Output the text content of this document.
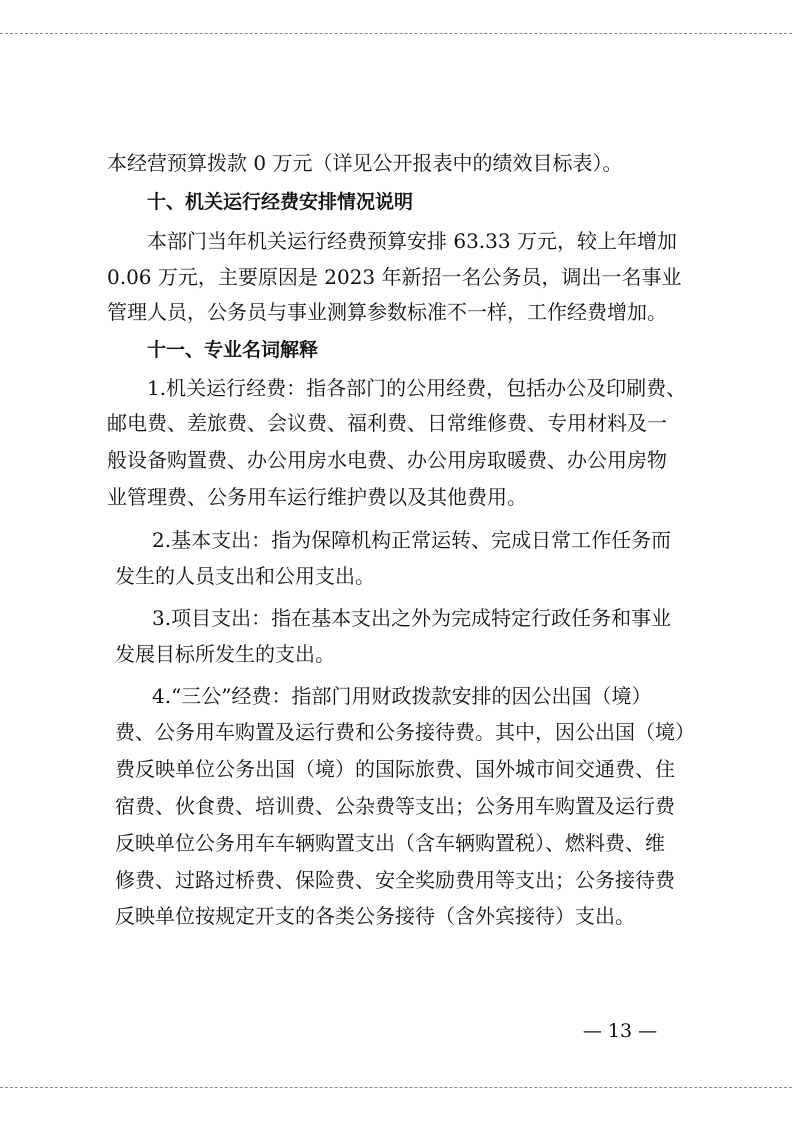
本经营预算拨款 0 万元（详见公开报表中的绩效目标表）。
十、机关运行经费安排情况说明
本部门当年机关运行经费预算安排 63.33 万元，较上年增加
0.06 万元，主要原因是 2023 年新招一名公务员，调出一名事业
管理人员，公务员与事业测算参数标准不一样，工作经费增加。
十一、专业名词解释
1.机关运行经费：指各部门的公用经费，包括办公及印刷费、
邮电费、差旅费、会议费、福利费、日常维修费、专用材料及一
般设备购置费、办公用房水电费、办公用房取暖费、办公用房物
业管理费、公务用车运行维护费以及其他费用。
2.基本支出：指为保障机构正常运转、完成日常工作任务而
发生的人员支出和公用支出。
3.项目支出：指在基本支出之外为完成特定行政任务和事业
发展目标所发生的支出。
4.“三公”经费：指部门用财政拨款安排的因公出国（境）
费、公务用车购置及运行费和公务接待费。其中，因公出国（境）
费反映单位公务出国（境）的国际旅费、国外城市间交通费、住
宿费、伙食费、培训费、公杂费等支出；公务用车购置及运行费
反映单位公务用车车辆购置支出（含车辆购置税）、燃料费、维
修费、过路过桥费、保险费、安全奖励费用等支出；公务接待费
反映单位按规定开支的各类公务接待（含外宾接待）支出。
— 13 —
